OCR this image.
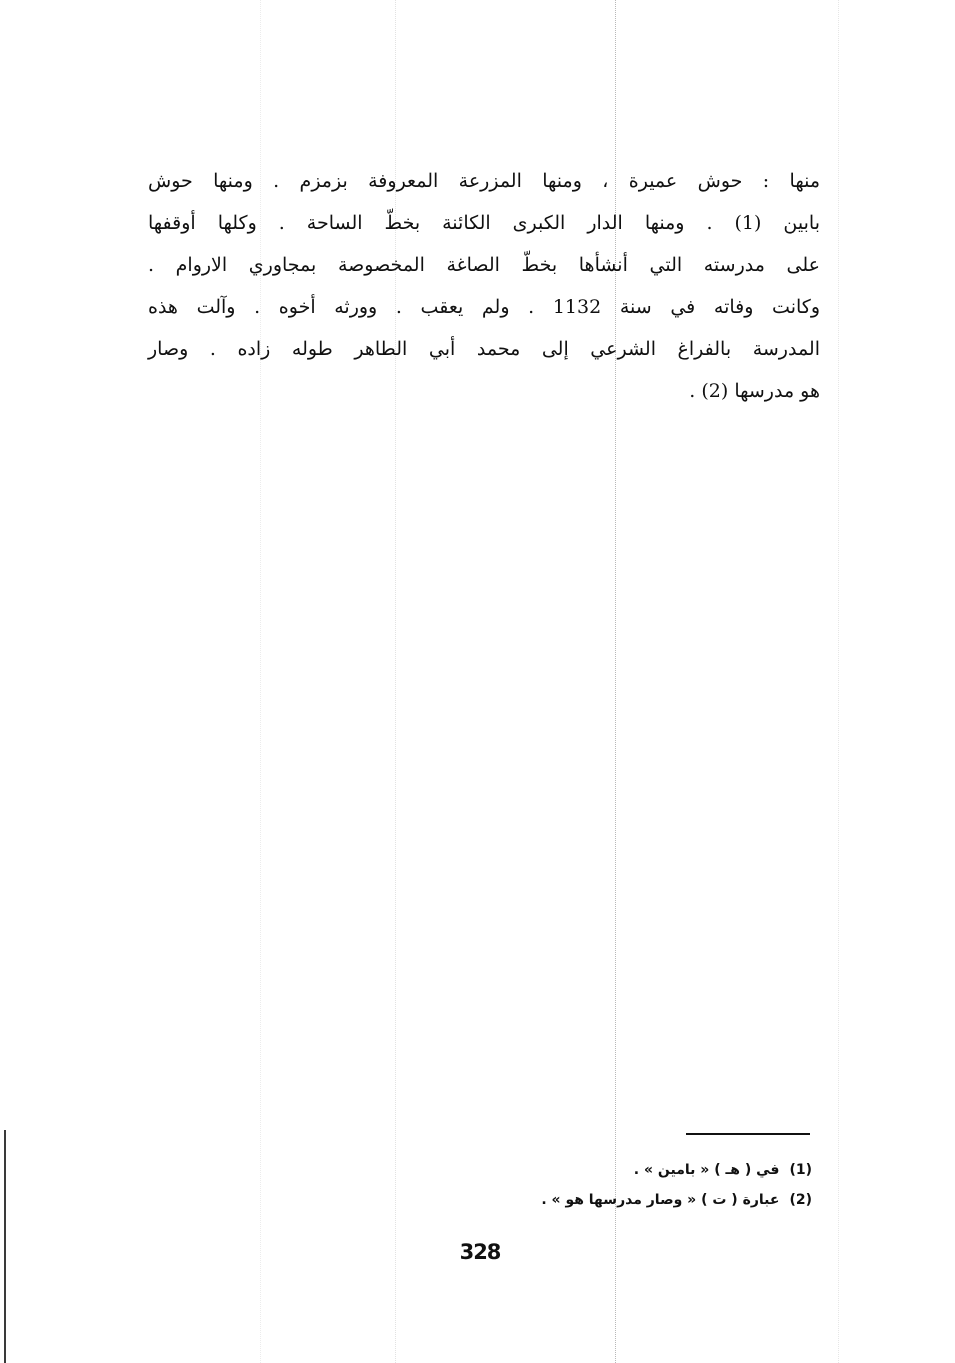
منها : حوش عميرة ، ومنها المزرعة المعروفة بزمزم . ومنها حوش
بابين (1) . ومنها الدار الكبرى الكائنة بخطّ الساحة . وكلها أوقفها
على مدرسته التي أنشأها بخطّ الصاغة المخصوصة بمجاوري الاروام .
وكانت وفاته في سنة 1132 . ولم يعقب . وورثه أخوه . وآلت هذه
المدرسة بالفراغ الشرعي إلى محمد أبي الطاهر طوله زاده . وصار
هو مدرسها (2) .
(1)في ( هـ ) « بامين » .
(2)عبارة ( ت ) « وصار مدرسها هو » .
328
